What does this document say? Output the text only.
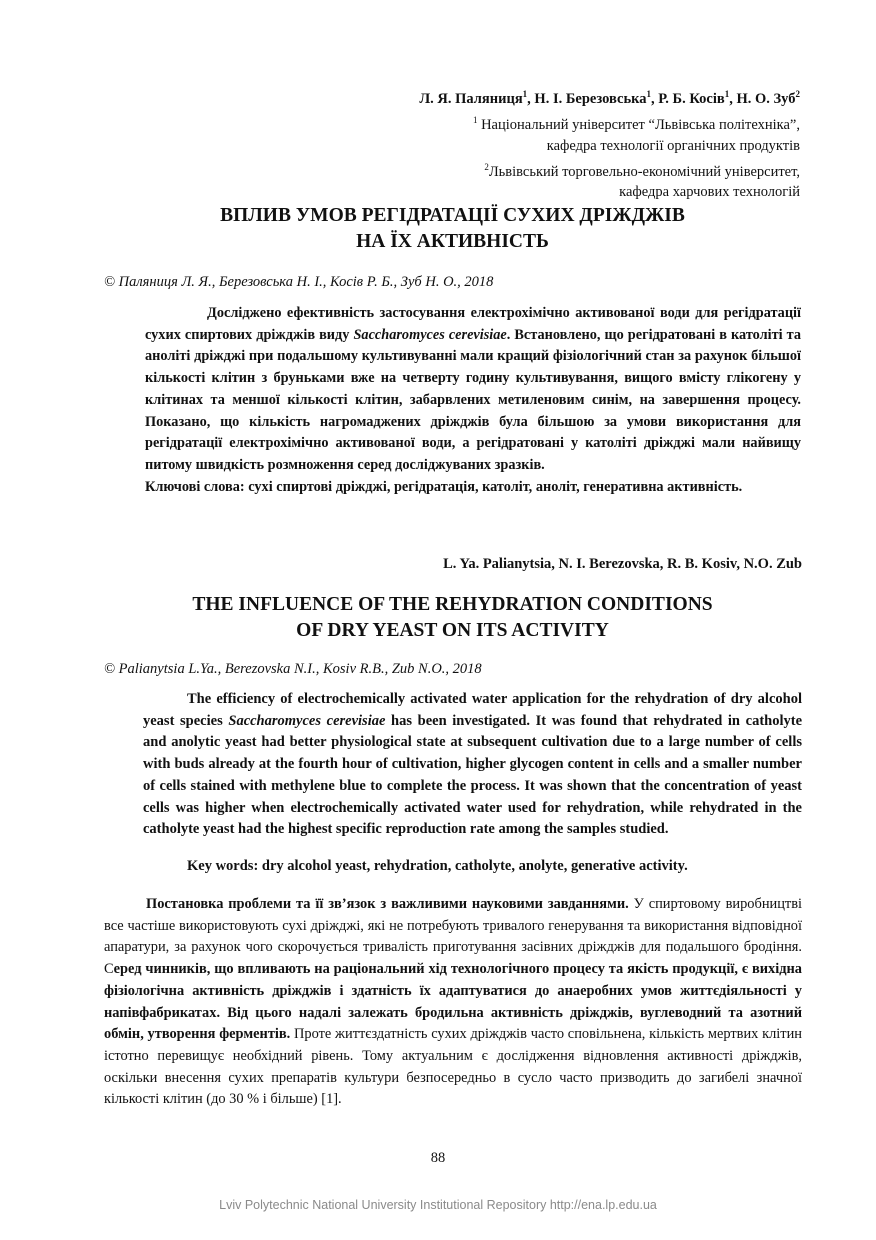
Л. Я. Паляниця$^1$, Н. І. Березовська$^1$, Р. Б. Косів$^1$, Н. О. Зуб$^2$
$^1$ Національний університет “Львівська політехніка”,
кафедра технології органічних продуктів
$^2$Львівський торговельно-економічний університет,
кафедра харчових технологій
ВПЛИВ УМОВ РЕГІДРАТАЦІЇ СУХИХ ДРІЖДЖІВ
НА ЇХ АКТИВНІСТЬ
© Паляниця Л. Я., Березовська Н. І., Косів Р. Б., Зуб Н. О., 2018

Досліджено ефективність застосування електрохімічно активованої води для регідратації сухих спиртових дріжджів виду Saccharomyces cerevisiae. Встановлено, що регідратовані в католіті та аноліті дріжджі при подальшому культивуванні мали кращий фізіологічний стан за рахунок більшої кількості клітин з бруньками вже на четверту годину культивування, вищого вмісту глікогену у клітинах та меншої кількості клітин, забарвлених метиленовим синім, на завершення процесу. Показано, що кількість нагромаджених дріжджів була більшою за умови використання для регідратації електрохімічно активованої води, а регідратовані у католіті дріжджі мали найвищу питому швидкість розмноження серед досліджуваних зразків.
Ключові слова: сухі спиртові дріжджі, регідратація, католіт, аноліт, генеративна активність.

L. Ya. Palianytsia, N. I. Berezovska, R. B. Kosiv, N.O. Zub
THE INFLUENCE OF THE REHYDRATION CONDITIONS
OF DRY YEAST ON ITS ACTIVITY
© Palianytsia L.Ya., Berezovska N.I., Kosiv R.B., Zub N.O., 2018

The efficiency of electrochemically activated water application for the rehydration of dry alcohol yeast species Saccharomyces cerevisiae has been investigated. It was found that rehydrated in catholyte and anolytic yeast had better physiological state at subsequent cultivation due to a large number of cells with buds already at the fourth hour of cultivation, higher glycogen content in cells and a smaller number of cells stained with methylene blue to complete the process. It was shown that the concentration of yeast cells was higher when electrochemically activated water used for rehydration, while rehydrated in the catholyte yeast had the highest specific reproduction rate among the samples studied.

Key words: dry alcohol yeast, rehydration, catholyte, anolyte, generative activity.

Постановка проблеми та її зв’язок з важливими науковими завданнями. У спиртовому виробництві все частіше використовують сухі дріжджі, які не потребують тривалого генерування та використання відповідної апаратури, за рахунок чого скорочується тривалість приготування засівних дріжджів для подальшого бродіння. Серед чинників, що впливають на раціональний хід технологічного процесу та якість продукції, є вихідна фізіологічна активність дріжджів і здатність їх адаптуватися до анаеробних умов життєдіяльності у напівфабрикатах. Від цього надалі залежать бродильна активність дріжджів, вуглеводний та азотний обмін, утворення ферментів. Проте життєздатність сухих дріжджів часто сповільнена, кількість мертвих клітин істотно перевищує необхідний рівень. Тому актуальним є дослідження відновлення активності дріжджів, оскільки внесення сухих препаратів культури безпосередньо в сусло часто призводить до загибелі значної кількості клітин (до 30 % і більше) [1].

88
Lviv Polytechnic National University Institutional Repository http://ena.lp.edu.ua
